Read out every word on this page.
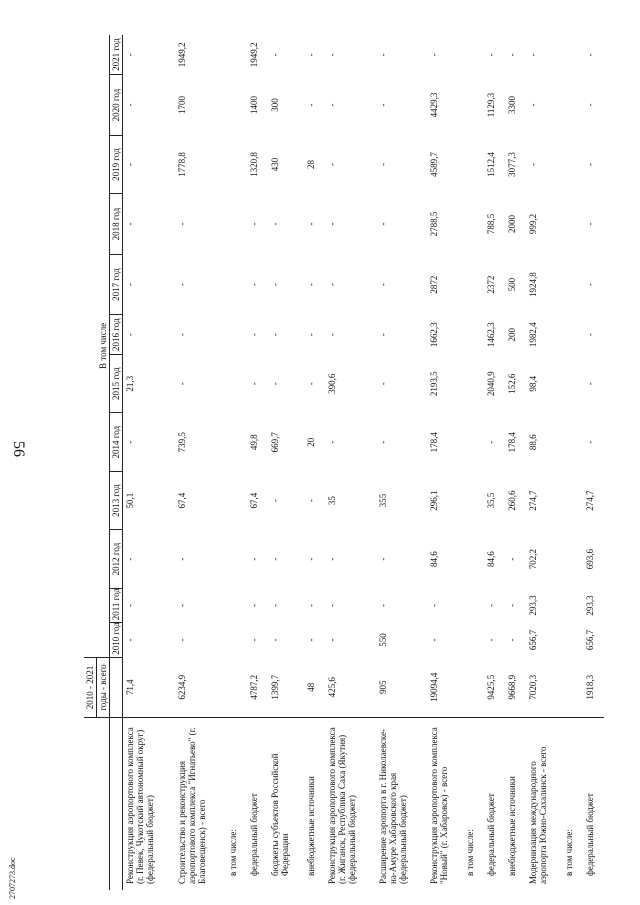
56
2707273.doc
	2010 - 2021												
	годы - всего	В том числе											
		2010 год	2011 год	2012 год	2013 год	2014 год	2015 год	2016 год	2017 год	2018 год	2019 год	2020 год	2021 год
Реконструкция аэропортового комплекса (г. Певек, Чукотский автономный округ) (федеральный бюджет)	71,4	-	-	-	50,1	-	21,3	-	-	-	-	-	-
Строительство и реконструкция аэропортового комплекса "Игнатьево" (г. Благовещенск) - всего	6234,9	-	-	-	67,4	739,5	-	-	-	-	1778,8	1700	1949,2
в том числе:													
федеральный бюджет	4787,2	-	-	-	67,4	49,8	-	-	-	-	1320,8	1400	1949,2
бюджеты субъектов Российской Федерации	1399,7	-	-	-	-	669,7	-	-	-	-	430	300	-
внебюджетные источники	48	-	-	-	-	20	-	-	-	-	28	-	-
Реконструкция аэропортового комплекса (г. Жиганск, Республика Саха (Якутия) (федеральный бюджет)	425,6	-	-	-	35	-	390,6	-	-	-	-	-	-
Расширение аэропорта в г. Николаевске-на-Амуре Хабаровского края (федеральный бюджет)	905	550	-	-	355	-	-	-	-	-	-	-	-
Реконструкция аэропортового комплекса "Новый" (г. Хабаровск) - всего	19094,4	-	-	84,6	296,1	178,4	2193,5	1662,3	2872	2788,5	4589,7	4429,3	-
в том числе:													
федеральный бюджет	9425,5	-	-	84,6	35,5	-	2040,9	1462,3	2372	788,5	1512,4	1129,3	-
внебюджетные источники	9668,9	-	-	-	260,6	178,4	152,6	200	500	2000	3077,3	3300	-
Модернизация международного аэропорта Южно-Сахалинск - всего	7020,3	656,7	293,3	702,2	274,7	88,6	98,4	1982,4	1924,8	999,2	-	-	-
в том числе:													
федеральный бюджет	1918,3	656,7	293,3	693,6	274,7	-	-	-	-	-	-	-	-
